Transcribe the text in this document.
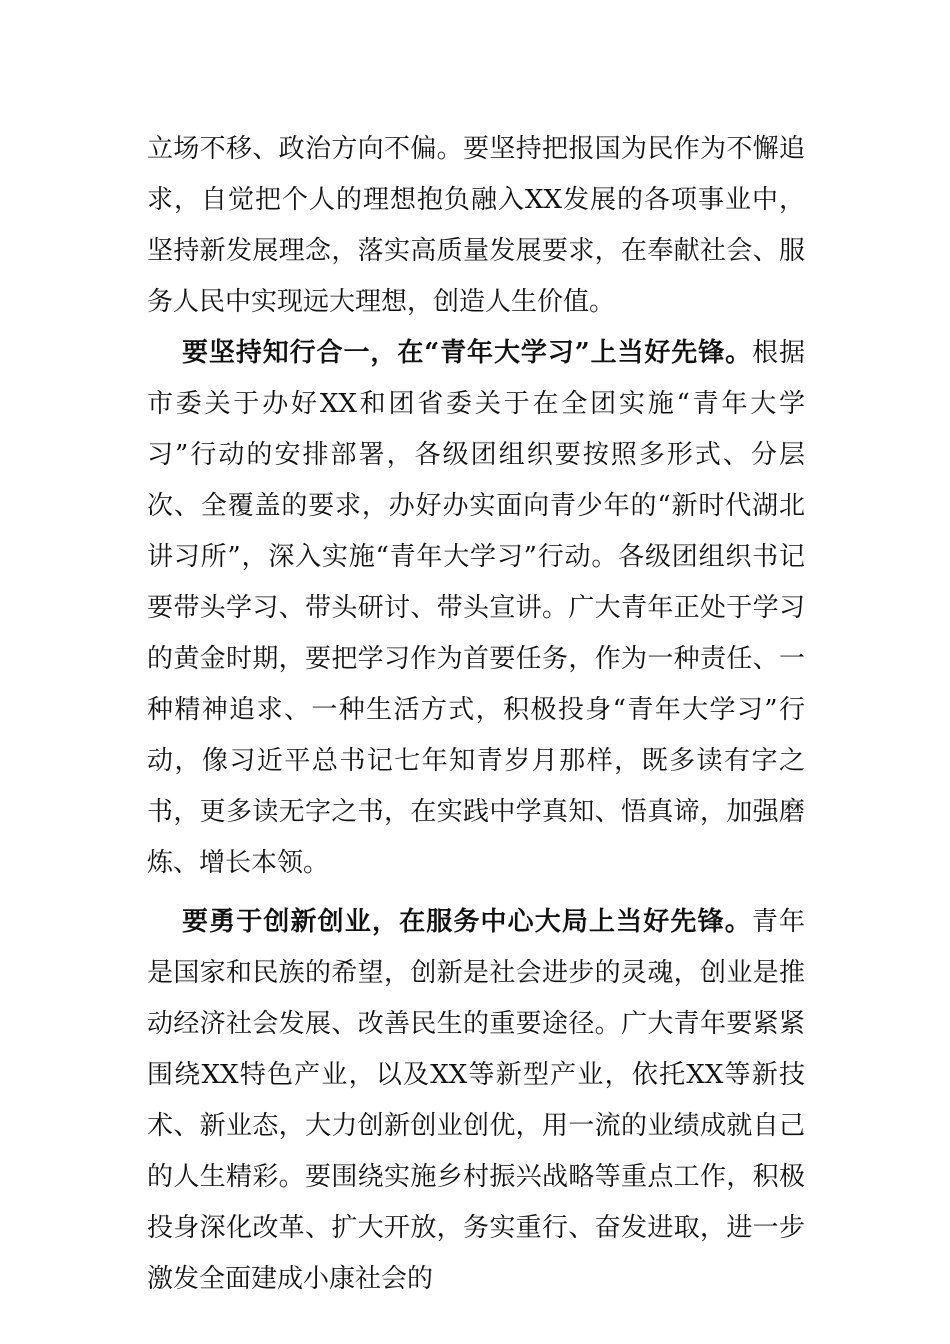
立场不移、政治方向不偏。要坚持把报国为民作为不懈追求，自觉把个人的理想抱负融入XX发展的各项事业中，坚持新发展理念，落实高质量发展要求，在奉献社会、服务人民中实现远大理想，创造人生价值。

要坚持知行合一，在“青年大学习”上当好先锋。根据市委关于办好XX和团省委关于在全团实施“青年大学习”行动的安排部署，各级团组织要按照多形式、分层次、全覆盖的要求，办好办实面向青少年的“新时代湖北讲习所”，深入实施“青年大学习”行动。各级团组织书记要带头学习、带头研讨、带头宣讲。广大青年正处于学习的黄金时期，要把学习作为首要任务，作为一种责任、一种精神追求、一种生活方式，积极投身“青年大学习”行动，像习近平总书记七年知青岁月那样，既多读有字之书，更多读无字之书，在实践中学真知、悟真谛，加强磨炼、增长本领。

要勇于创新创业，在服务中心大局上当好先锋。青年是国家和民族的希望，创新是社会进步的灵魂，创业是推动经济社会发展、改善民生的重要途径。广大青年要紧紧围绕XX特色产业，以及XX等新型产业，依托XX等新技术、新业态，大力创新创业创优，用一流的业绩成就自己的人生精彩。要围绕实施乡村振兴战略等重点工作，积极投身深化改革、扩大开放，务实重行、奋发进取，进一步激发全面建成小康社会的
